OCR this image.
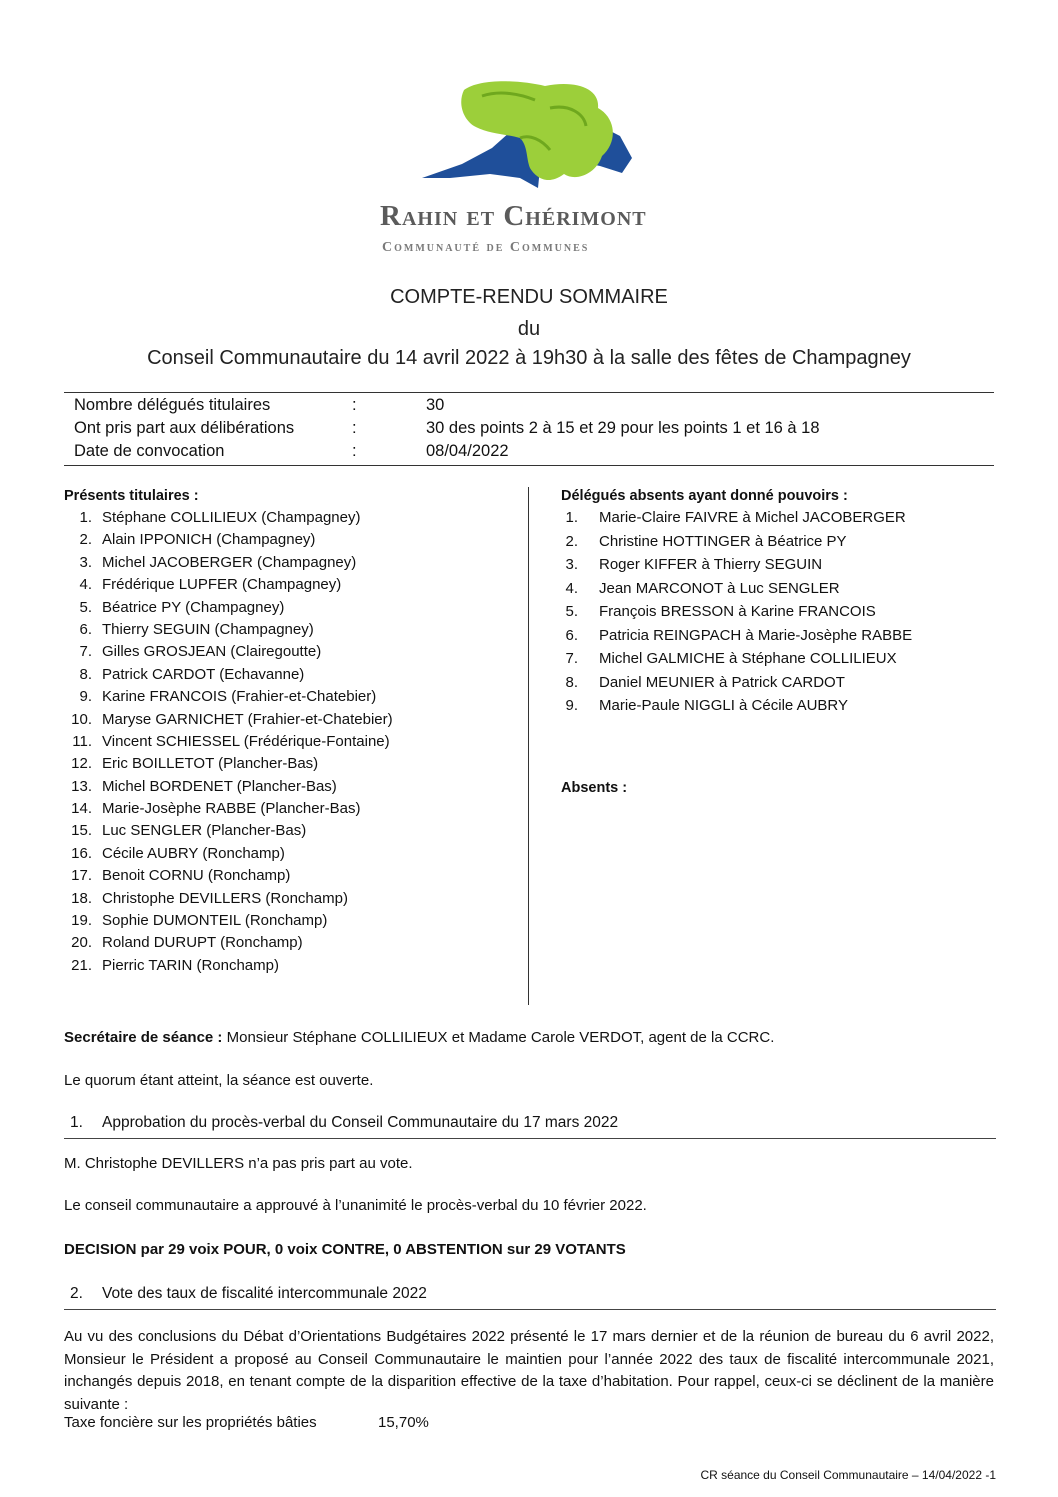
Rahin et Chérimont
Communauté de Communes
COMPTE-RENDU SOMMAIRE
du
Conseil Communautaire du 14 avril 2022 à 19h30 à la salle des fêtes de Champagney
Nombre délégués titulaires	:	30
Ont pris part aux délibérations	:	30 des points 2 à 15 et 29 pour les points 1 et 16 à 18
Date de convocation	:	08/04/2022
Présents titulaires :
1. Stéphane COLLILIEUX (Champagney)
2. Alain IPPONICH (Champagney)
3. Michel JACOBERGER (Champagney)
4. Frédérique LUPFER (Champagney)
5. Béatrice PY (Champagney)
6. Thierry SEGUIN (Champagney)
7. Gilles GROSJEAN (Clairegoutte)
8. Patrick CARDOT (Echavanne)
9. Karine FRANCOIS (Frahier-et-Chatebier)
10. Maryse GARNICHET (Frahier-et-Chatebier)
11. Vincent SCHIESSEL (Frédérique-Fontaine)
12. Eric BOILLETOT (Plancher-Bas)
13. Michel BORDENET (Plancher-Bas)
14. Marie-Josèphe RABBE (Plancher-Bas)
15. Luc SENGLER (Plancher-Bas)
16. Cécile AUBRY (Ronchamp)
17. Benoit CORNU (Ronchamp)
18. Christophe DEVILLERS (Ronchamp)
19. Sophie DUMONTEIL (Ronchamp)
20. Roland DURUPT (Ronchamp)
21. Pierric TARIN (Ronchamp)
Délégués absents ayant donné pouvoirs :
1. Marie-Claire FAIVRE à Michel JACOBERGER
2. Christine HOTTINGER à Béatrice PY
3. Roger KIFFER à Thierry SEGUIN
4. Jean MARCONOT à Luc SENGLER
5. François BRESSON à Karine FRANCOIS
6. Patricia REINGPACH à Marie-Josèphe RABBE
7. Michel GALMICHE à Stéphane COLLILIEUX
8. Daniel MEUNIER à Patrick CARDOT
9. Marie-Paule NIGGLI à Cécile AUBRY
Absents :
Secrétaire de séance : Monsieur Stéphane COLLILIEUX et Madame Carole VERDOT, agent de la CCRC.
Le quorum étant atteint, la séance est ouverte.
1. Approbation du procès-verbal du Conseil Communautaire du 17 mars 2022
M. Christophe DEVILLERS n’a pas pris part au vote.
Le conseil communautaire a approuvé à l’unanimité le procès-verbal du 10 février 2022.
DECISION par 29 voix POUR, 0 voix CONTRE, 0 ABSTENTION sur 29 VOTANTS
2. Vote des taux de fiscalité intercommunale 2022
Au vu des conclusions du Débat d’Orientations Budgétaires 2022 présenté le 17 mars dernier et de la réunion de bureau du 6 avril 2022, Monsieur le Président a proposé au Conseil Communautaire le maintien pour l’année 2022 des taux de fiscalité intercommunale 2021, inchangés depuis 2018, en tenant compte de la disparition effective de la taxe d’habitation. Pour rappel, ceux-ci se déclinent de la manière suivante :
Taxe foncière sur les propriétés bâties	15,70%
CR séance du Conseil Communautaire – 14/04/2022 -1
